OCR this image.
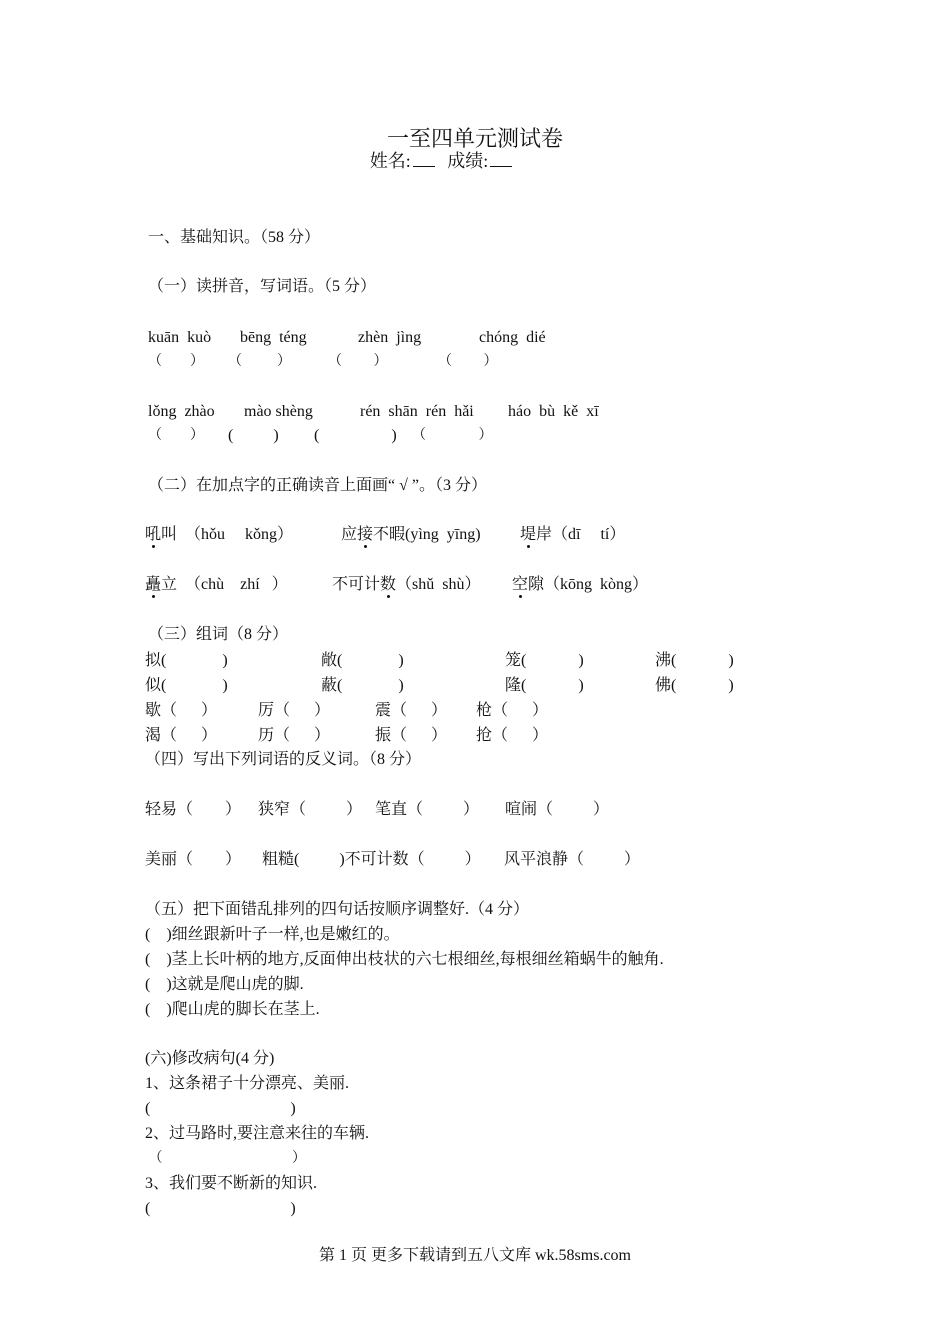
一至四单元测试卷
姓名: 成绩:
一、基础知识。（58 分）
（一）读拼音，写词语。（5 分）
kuān  kuò bēng  téng	zhèn  jìng	chóng  dié
（        ） （          ）	（         ）	（         ）
lǒng  zhào mào shèng	rén  shān  rén  hǎi háo  bù  kě  xī
（        ） (          ) (                  ) （               ）
（二）在加点字的正确读音上面画“ √ ”。（3 分）
吼叫  （hǒu     kǒng）	应接不暇(yìng  yīng) 堤岸（dī     tí）
矗立  （chù    zhí   ）	不可计数（shǔ  shù） 空隙（kōng  kòng）
（三）组词（8 分）
拟(              )	敞(              )	笼(             )	沸(             )
似(              )	蔽(              )	隆(             )	佛(             )
歇（      ）	厉（      ）	震（      ） 枪（      ）
渴（      ）	历（      ）	振（      ） 抢（      ）
（四）写出下列词语的反义词。（8 分）
轻易（        ） 狭窄（          ） 笔直（          ） 喧闹（          ）
美丽（        ） 粗糙(          )不可计数（          ） 风平浪静（          ）
（五）把下面错乱排列的四句话按顺序调整好.（4 分）
(    )细丝跟新叶子一样,也是嫩红的。
(    )茎上长叶柄的地方,反面伸出枝状的六七根细丝,每根细丝箱蜗牛的触角.
(    )这就是爬山虎的脚.
(    )爬山虎的脚长在茎上.
(六)修改病句(4 分)
1、这条裙子十分漂亮、美丽.
(                                   )
2、过马路时,要注意来往的车辆.
（                                     ）
3、我们要不断新的知识.
(                                   )
第 1 页 更多下载请到五八文库 wk.58sms.com
